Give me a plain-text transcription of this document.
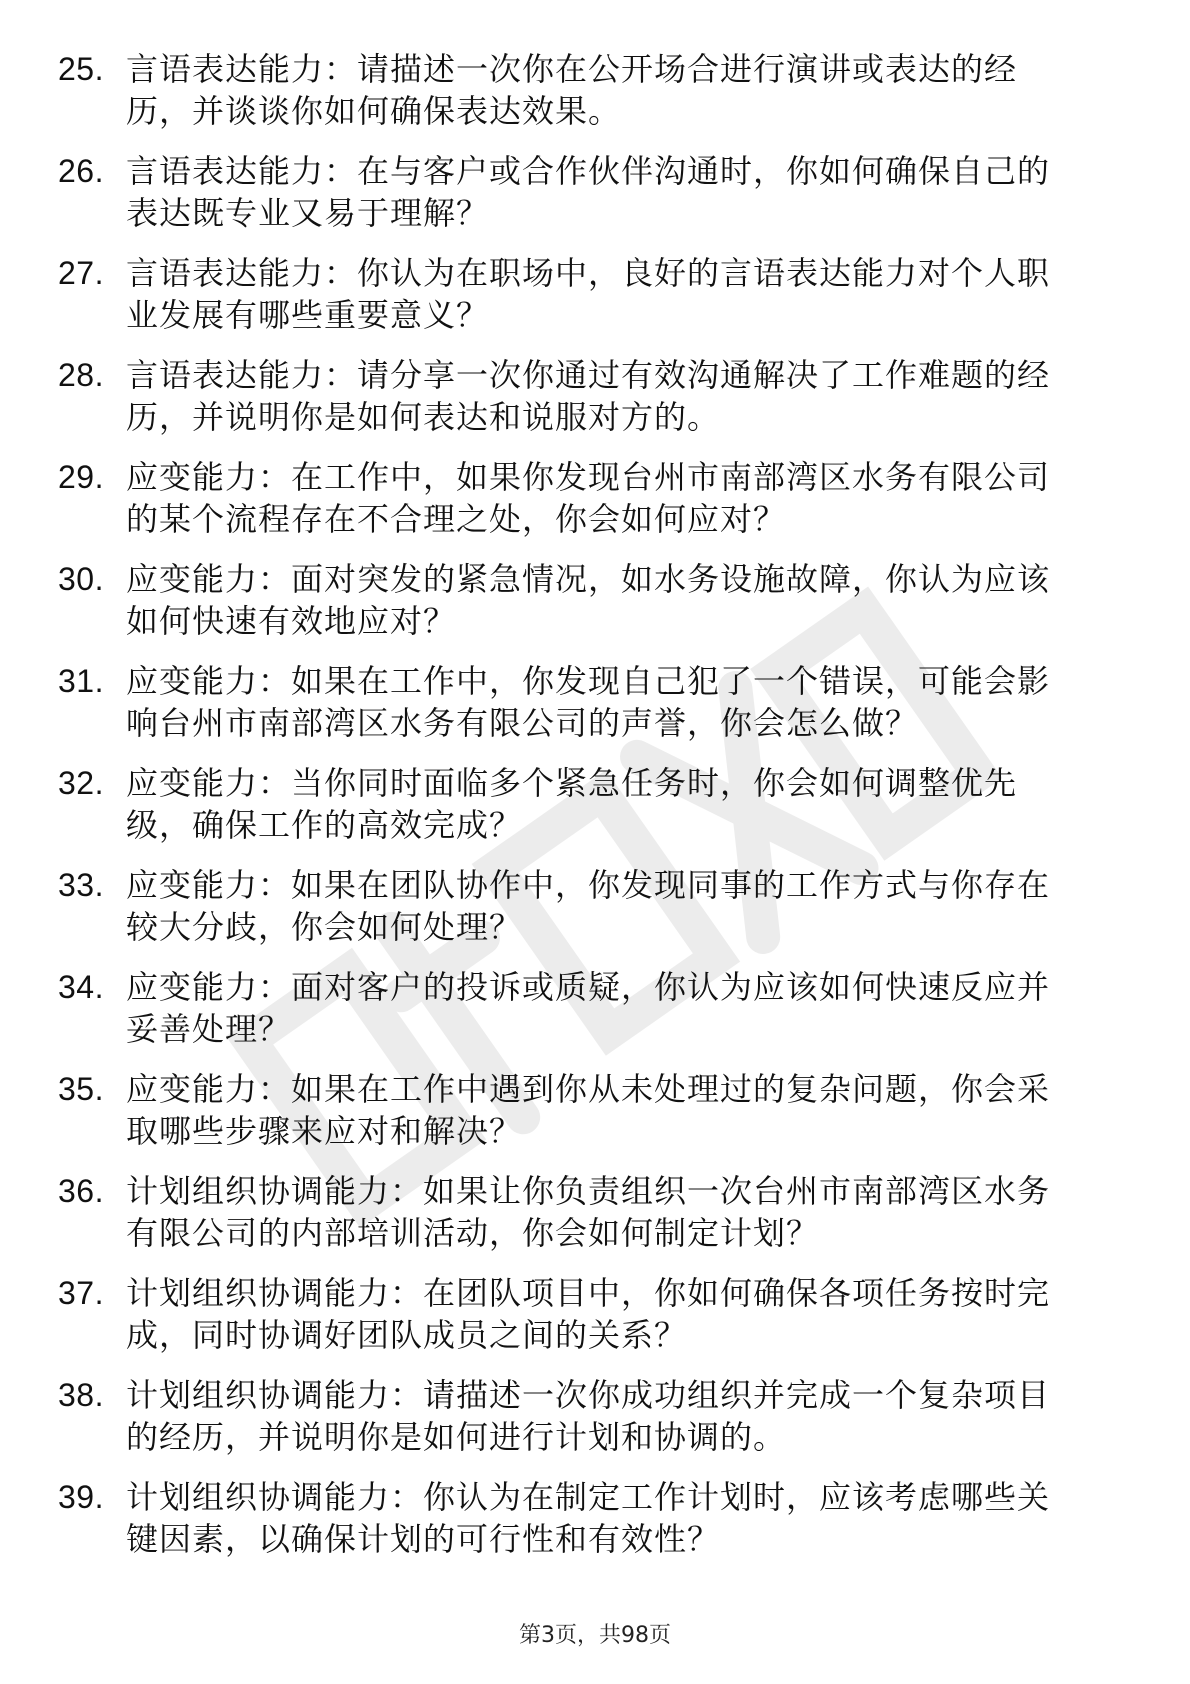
25. 言语表达能力：请描述一次你在公开场合进行演讲或表达的经
历，并谈谈你如何确保表达效果。
26. 言语表达能力：在与客户或合作伙伴沟通时，你如何确保自己的
表达既专业又易于理解？
27. 言语表达能力：你认为在职场中，良好的言语表达能力对个人职
业发展有哪些重要意义？
28. 言语表达能力：请分享一次你通过有效沟通解决了工作难题的经
历，并说明你是如何表达和说服对方的。
29. 应变能力：在工作中，如果你发现台州市南部湾区水务有限公司
的某个流程存在不合理之处，你会如何应对？
30. 应变能力：面对突发的紧急情况，如水务设施故障，你认为应该
如何快速有效地应对？
31. 应变能力：如果在工作中，你发现自己犯了一个错误，可能会影
响台州市南部湾区水务有限公司的声誉，你会怎么做？
32. 应变能力：当你同时面临多个紧急任务时，你会如何调整优先
级，确保工作的高效完成？
33. 应变能力：如果在团队协作中，你发现同事的工作方式与你存在
较大分歧，你会如何处理？
34. 应变能力：面对客户的投诉或质疑，你认为应该如何快速反应并
妥善处理？
35. 应变能力：如果在工作中遇到你从未处理过的复杂问题，你会采
取哪些步骤来应对和解决？
36. 计划组织协调能力：如果让你负责组织一次台州市南部湾区水务
有限公司的内部培训活动，你会如何制定计划？
37. 计划组织协调能力：在团队项目中，你如何确保各项任务按时完
成，同时协调好团队成员之间的关系？
38. 计划组织协调能力：请描述一次你成功组织并完成一个复杂项目
的经历，并说明你是如何进行计划和协调的。
39. 计划组织协调能力：你认为在制定工作计划时，应该考虑哪些关
键因素，以确保计划的可行性和有效性？
第3页，共98页
